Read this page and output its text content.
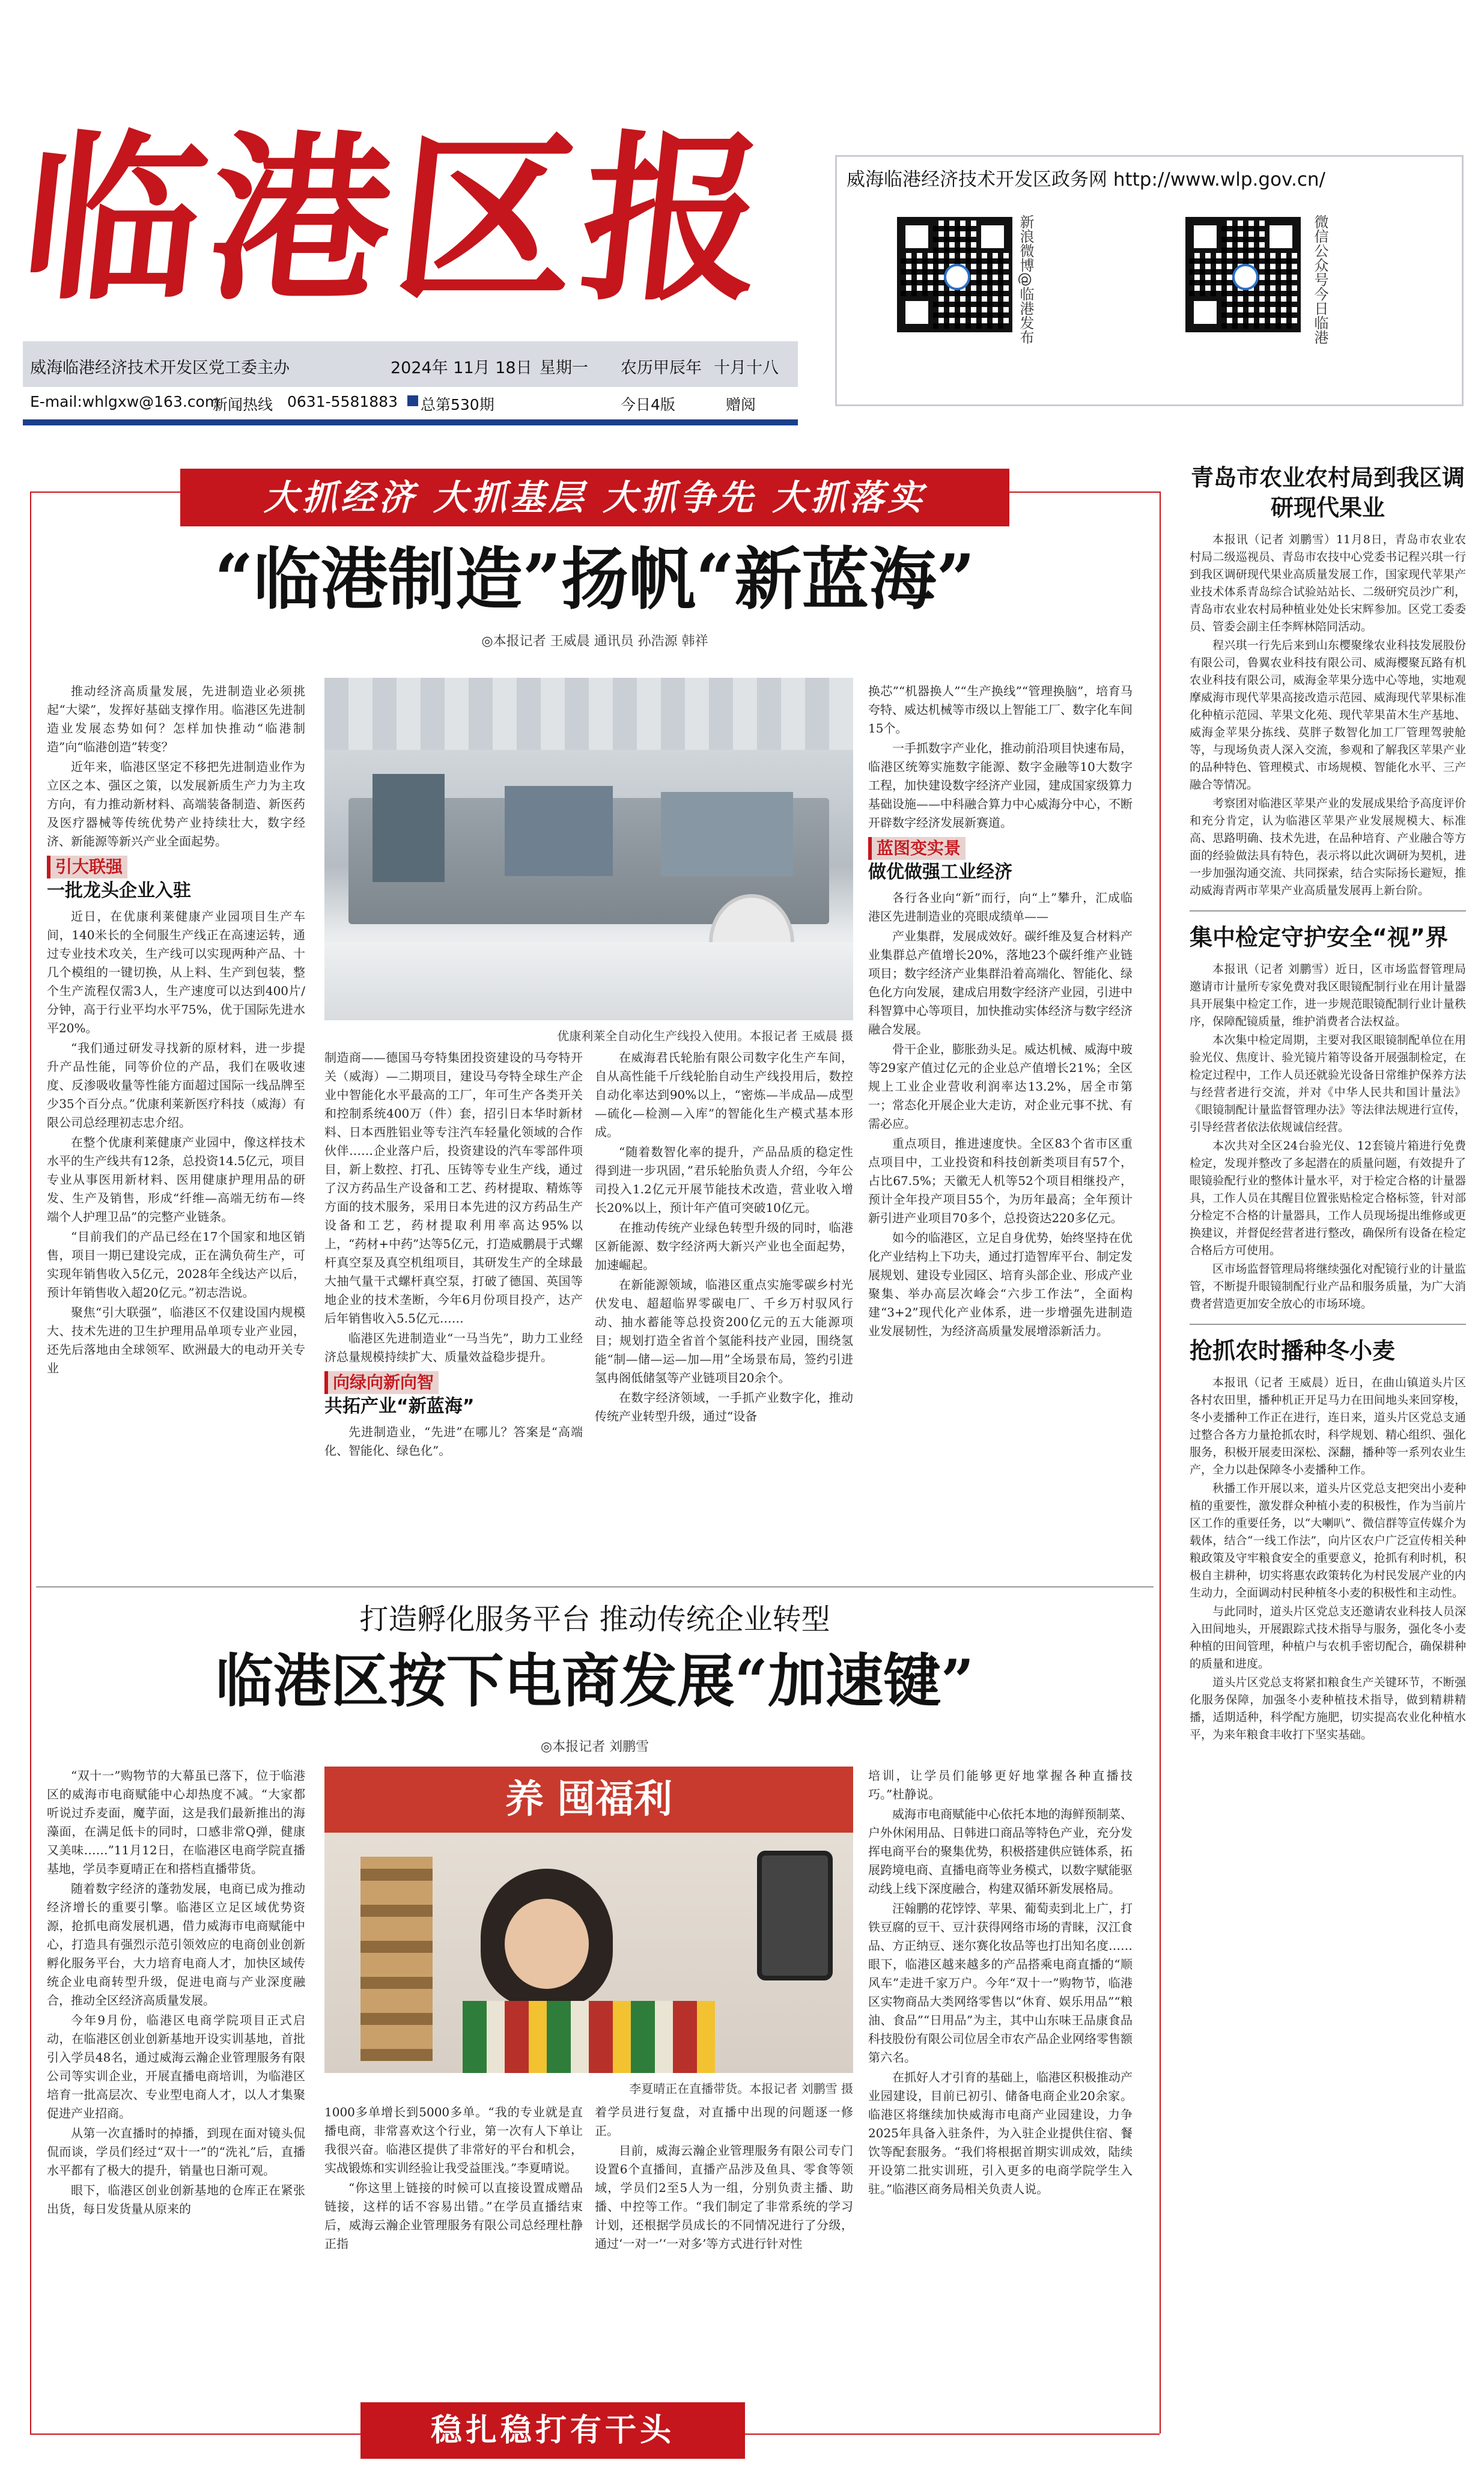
临港区报	威海临港经济技术开发区政务网 http://www.wlp.gov.cn/
新浪微博@临港发布	微信公众号今日临港
威海临港经济技术开发区党工委主办	2024年 11月 18日 星期一 农历甲辰年 十月十八
E-mail:whlgxw@163.com
新闻热线 0631-5581883 总第530期	今日4版	赠阅
大抓经济 大抓基层 大抓争先 大抓落实
“临港制造”扬帆“新蓝海”
◎本报记者 王威晨 通讯员 孙浩源 韩祥

推动经济高质量发展，先进制造业必须挑起“大梁”，发挥好基础支撑作用。临港区先进制造业发展态势如何？怎样加快推动“临港制造”向“临港创造”转变？

近年来，临港区坚定不移把先进制造业作为立区之本、强区之策，以发展新质生产力为主攻方向，有力推动新材料、高端装备制造、新医药及医疗器械等传统优势产业持续壮大，数字经济、新能源等新兴产业全面起势。

引大联强
一批龙头企业入驻

近日，在优康利莱健康产业园项目生产车间，140米长的全伺服生产线正在高速运转，通过专业技术攻关，生产线可以实现两种产品、十几个模组的一键切换，从上料、生产到包装，整个生产流程仅需3人，生产速度可以达到400片/分钟，高于行业平均水平75%，优于国际先进水平20%。

“我们通过研发寻找新的原材料，进一步提升产品性能，同等价位的产品，我们在吸收速度、反渗吸收量等性能方面超过国际一线品牌至少35个百分点。”优康利莱新医疗科技（威海）有限公司总经理初志忠介绍。

在整个优康利莱健康产业园中，像这样技术水平的生产线共有12条，总投资14.5亿元，项目专业从事医用新材料、医用健康护理用品的研发、生产及销售，形成“纤维—高端无纺布—终端个人护理卫品”的完整产业链条。

“目前我们的产品已经在17个国家和地区销售，项目一期已建设完成，正在满负荷生产，可实现年销售收入5亿元，2028年全线达产以后，预计年销售收入超20亿元。”初志浩说。

聚焦“引大联强”，临港区不仅建设国内规模大、技术先进的卫生护理用品单项专业产业园，还先后落地由全球领军、欧洲最大的电动开关专业

优康利莱全自动化生产线投入使用。本报记者 王威晨 摄

制造商——德国马夸特集团投资建设的马夸特开关（威海）—二期项目，建设马夸特全球生产企业中智能化水平最高的工厂，年可生产各类开关和控制系统400万（件）套，招引日本华时新材料、日本西胜铝业等专注汽车轻量化领域的合作伙伴……企业落户后，投资建设的汽车零部件项目，新上数控、打孔、压铸等专业生产线，通过了汉方药品生产设备和工艺、药材提取、精炼等方面的技术服务，采用日本先进的汉方药品生产设备和工艺，药材提取利用率高达95%以上，“药材+中药”达等5亿元，打造威鹏晨于式螺杆真空泵及真空机组项目，其研发生产的全球最大抽气量干式螺杆真空泵，打破了德国、英国等地企业的技术垄断，今年6月份项目投产，达产后年销售收入5.5亿元……

临港区先进制造业“一马当先”，助力工业经济总量规模持续扩大、质量效益稳步提升。

向绿向新向智
共拓产业“新蓝海”

先进制造业，“先进”在哪儿？答案是“高端化、智能化、绿色化”。

在威海君氏轮胎有限公司数字化生产车间，自从高性能千斤线轮胎自动生产线投用后，数控自动化率达到90%以上，“密炼—半成品—成型—硫化—检测—入库”的智能化生产模式基本形成。

“随着数智化率的提升，产品品质的稳定性得到进一步巩固，”君乐轮胎负责人介绍，今年公司投入1.2亿元开展节能技术改造，营业收入增长20%以上，预计年产值可突破10亿元。

在推动传统产业绿色转型升级的同时，临港区新能源、数字经济两大新兴产业也全面起势，加速崛起。

在新能源领域，临港区重点实施零碳乡村光伏发电、超超临界零碳电厂、千乡万村驭风行动、抽水蓄能等总投资200亿元的五大能源项目；规划打造全省首个氢能科技产业园，围绕氢能“制—储—运—加—用”全场景布局，签约引进氢冉阁低储氢等产业链项目20余个。

在数字经济领域，一手抓产业数字化，推动传统产业转型升级，通过“设备

换芯”“机器换人”“生产换线”“管理换脑”，培育马夸特、威达机械等市级以上智能工厂、数字化车间15个。

一手抓数字产业化，推动前沿项目快速布局，临港区统筹实施数字能源、数字金融等10大数字工程，加快建设数字经济产业园，建成国家级算力基础设施——中科融合算力中心威海分中心，不断开辟数字经济发展新赛道。

蓝图变实景
做优做强工业经济

各行各业向“新”而行，向“上”攀升，汇成临港区先进制造业的亮眼成绩单——

产业集群，发展成效好。碳纤维及复合材料产业集群总产值增长20%，落地23个碳纤维产业链项目；数字经济产业集群沿着高端化、智能化、绿色化方向发展，建成启用数字经济产业园，引进中科智算中心等项目，加快推动实体经济与数字经济融合发展。

骨干企业，膨胀劲头足。威达机械、威海中玻等29家产值过亿元的企业总产值增长21%；全区规上工业企业营收利润率达13.2%，居全市第一；常态化开展企业大走访，对企业元事不扰、有需必应。

重点项目，推进速度快。全区83个省市区重点项目中，工业投资和科技创新类项目有57个，占比67.5%；天徽无人机等52个项目相继投产，预计全年投产项目55个，为历年最高；全年预计新引进产业项目70多个，总投资达220多亿元。

如今的临港区，立足自身优势，始终坚持在优化产业结构上下功夫，通过打造智库平台、制定发展规划、建设专业园区、培育头部企业、形成产业聚集、举办高层次峰会“六步工作法”，全面构建“3+2”现代化产业体系，进一步增强先进制造业发展韧性，为经济高质量发展增添新活力。

打造孵化服务平台 推动传统企业转型
临港区按下电商发展“加速键”
◎本报记者 刘鹏雪

“双十一”购物节的大幕虽已落下，位于临港区的威海市电商赋能中心却热度不减。“大家都听说过乔麦面，魔芋面，这是我们最新推出的海藻面，在满足低卡的同时，口感非常Q弹，健康又美味……”11月12日，在临港区电商学院直播基地，学员李夏晴正在和搭档直播带货。

随着数字经济的蓬勃发展，电商已成为推动经济增长的重要引擎。临港区立足区域优势资源，抢抓电商发展机遇，借力威海市电商赋能中心，打造具有强烈示范引领效应的电商创业创新孵化服务平台，大力培育电商人才，加快区域传统企业电商转型升级，促进电商与产业深度融合，推动全区经济高质量发展。

今年9月份，临港区电商学院项目正式启动，在临港区创业创新基地开设实训基地，首批引入学员48名，通过威海云瀚企业管理服务有限公司等实训企业，开展直播电商培训，为临港区培育一批高层次、专业型电商人才，以人才集聚促进产业招商。

从第一次直播时的掉播，到现在面对镜头侃侃而谈，学员们经过“双十一”的“洗礼”后，直播水平都有了极大的提升，销量也日渐可观。

眼下，临港区创业创新基地的仓库正在紧张出货，每日发货量从原来的

养 囤福利
李夏晴正在直播带货。本报记者 刘鹏雪 摄

1000多单增长到5000多单。“我的专业就是直播电商，非常喜欢这个行业，第一次有人下单让我很兴奋。临港区提供了非常好的平台和机会，实战锻炼和实训经验让我受益匪浅。”李夏晴说。

“你这里上链接的时候可以直接设置成赠品链接，这样的话不容易出错。”在学员直播结束后，威海云瀚企业管理服务有限公司总经理杜静正指

着学员进行复盘，对直播中出现的问题逐一修正。

目前，威海云瀚企业管理服务有限公司专门设置6个直播间，直播产品涉及鱼具、零食等领域，学员们2至5人为一组，分别负责主播、助播、中控等工作。“我们制定了非常系统的学习计划，还根据学员成长的不同情况进行了分级，通过‘一对一’‘一对多’等方式进行针对性

培训，让学员们能够更好地掌握各种直播技巧。”杜静说。

威海市电商赋能中心依托本地的海鲜预制菜、户外休闲用品、日韩进口商品等特色产业，充分发挥电商平台的聚集优势，积极搭建供应链体系，拓展跨境电商、直播电商等业务模式，以数字赋能驱动线上线下深度融合，构建双循环新发展格局。

汪翰鹏的花饽饽、苹果、葡萄卖到北上广，打铁豆腐的豆干、豆汁获得网络市场的青睐，汉江食品、方正纳豆、迷尔赛化妆品等也打出知名度……眼下，临港区越来越多的产品搭乘电商直播的“顺风车”走进千家万户。今年“双十一”购物节，临港区实物商品大类网络零售以“休育、娱乐用品”“粮油、食品”“日用品”为主，其中山东味王品康食品科技股份有限公司位居全市农产品企业网络零售额第六名。

在抓好人才引育的基础上，临港区积极推动产业园建设，目前已初引、储备电商企业20余家。临港区将继续加快威海市电商产业园建设，力争2025年具备入驻条件，为入驻企业提供住宿、餐饮等配套服务。“我们将根据首期实训成效，陆续开设第二批实训班，引入更多的电商学院学生入驻。”临港区商务局相关负责人说。

稳扎稳打有干头
青岛市农业农村局到我区调研现代果业

本报讯（记者 刘鹏雪）11月8日，青岛市农业农村局二级巡视员、青岛市农技中心党委书记程兴琪一行到我区调研现代果业高质量发展工作，国家现代苹果产业技术体系青岛综合试验站站长、二级研究员沙广利，青岛市农业农村局种植业处处长宋辉参加。区党工委委员、管委会副主任李辉林陪同活动。

程兴琪一行先后来到山东樱聚缘农业科技发展股份有限公司，鲁翼农业科技有限公司、威海樱聚瓦路有机农业科技有限公司，威海金苹果分选中心等地，实地观摩威海市现代苹果高接改造示范园、威海现代苹果标准化种植示范园、苹果文化苑、现代苹果苗木生产基地、威海金苹果分拣线、莫胖子数智化加工厂管理驾驶舱等，与现场负责人深入交流，参观和了解我区苹果产业的品种特色、管理模式、市场规模、智能化水平、三产融合等情况。

考察团对临港区苹果产业的发展成果给予高度评价和充分肯定，认为临港区苹果产业发展规模大、标准高、思路明确、技术先进，在品种培育、产业融合等方面的经验做法具有特色，表示将以此次调研为契机，进一步加强沟通交流、共同探索，结合实际扬长避短，推动威海青两市苹果产业高质量发展再上新台阶。

集中检定守护安全“视”界

本报讯（记者 刘鹏雪）近日，区市场监督管理局邀请市计量所专家免费对我区眼镜配制行业在用计量器具开展集中检定工作，进一步规范眼镜配制行业计量秩序，保障配镜质量，维护消费者合法权益。

本次集中检定周期，主要对我区眼镜制配单位在用验光仪、焦度计、验光镜片箱等设备开展强制检定，在检定过程中，工作人员还就验光设备日常维护保养方法与经营者进行交流，并对《中华人民共和国计量法》《眼镜制配计量监督管理办法》等法律法规进行宣传，引导经营者依法依规诚信经营。

本次共对全区24台验光仪、12套镜片箱进行免费检定，发现并整改了多起潜在的质量问题，有效提升了眼镜验配行业的整体计量水平，对于检定合格的计量器具，工作人员在其醒目位置张贴检定合格标签，针对部分检定不合格的计量器具，工作人员现场提出维修或更换建议，并督促经营者进行整改，确保所有设备在检定合格后方可使用。

区市场监督管理局将继续强化对配镜行业的计量监管，不断提升眼镜制配行业产品和服务质量，为广大消费者营造更加安全放心的市场环境。

抢抓农时播种冬小麦

本报讯（记者 王威晨）近日，在曲山镇道头片区各村农田里，播种机正开足马力在田间地头来回穿梭，冬小麦播种工作正在进行，连日来，道头片区党总支通过整合各方力量抢抓农时，科学规划、精心组织、强化服务，积极开展麦田深松、深翻，播种等一系列农业生产，全力以赴保障冬小麦播种工作。

秋播工作开展以来，道头片区党总支把突出小麦种植的重要性，激发群众种植小麦的积极性，作为当前片区工作的重要任务，以“大喇叭”、微信群等宣传媒介为载体，结合“一线工作法”，向片区农户广泛宣传相关种粮政策及守牢粮食安全的重要意义，抢抓有利时机，积极自主耕种，切实将惠农政策转化为村民发展产业的内生动力，全面调动村民种植冬小麦的积极性和主动性。

与此同时，道头片区党总支还邀请农业科技人员深入田间地头，开展跟踪式技术指导与服务，强化冬小麦种植的田间管理，种植户与农机手密切配合，确保耕种的质量和进度。

道头片区党总支将紧扣粮食生产关键环节，不断强化服务保障，加强冬小麦种植技术指导，做到精耕精播，适期适种，科学配方施肥，切实提高农业化种植水平，为来年粮食丰收打下坚实基础。
